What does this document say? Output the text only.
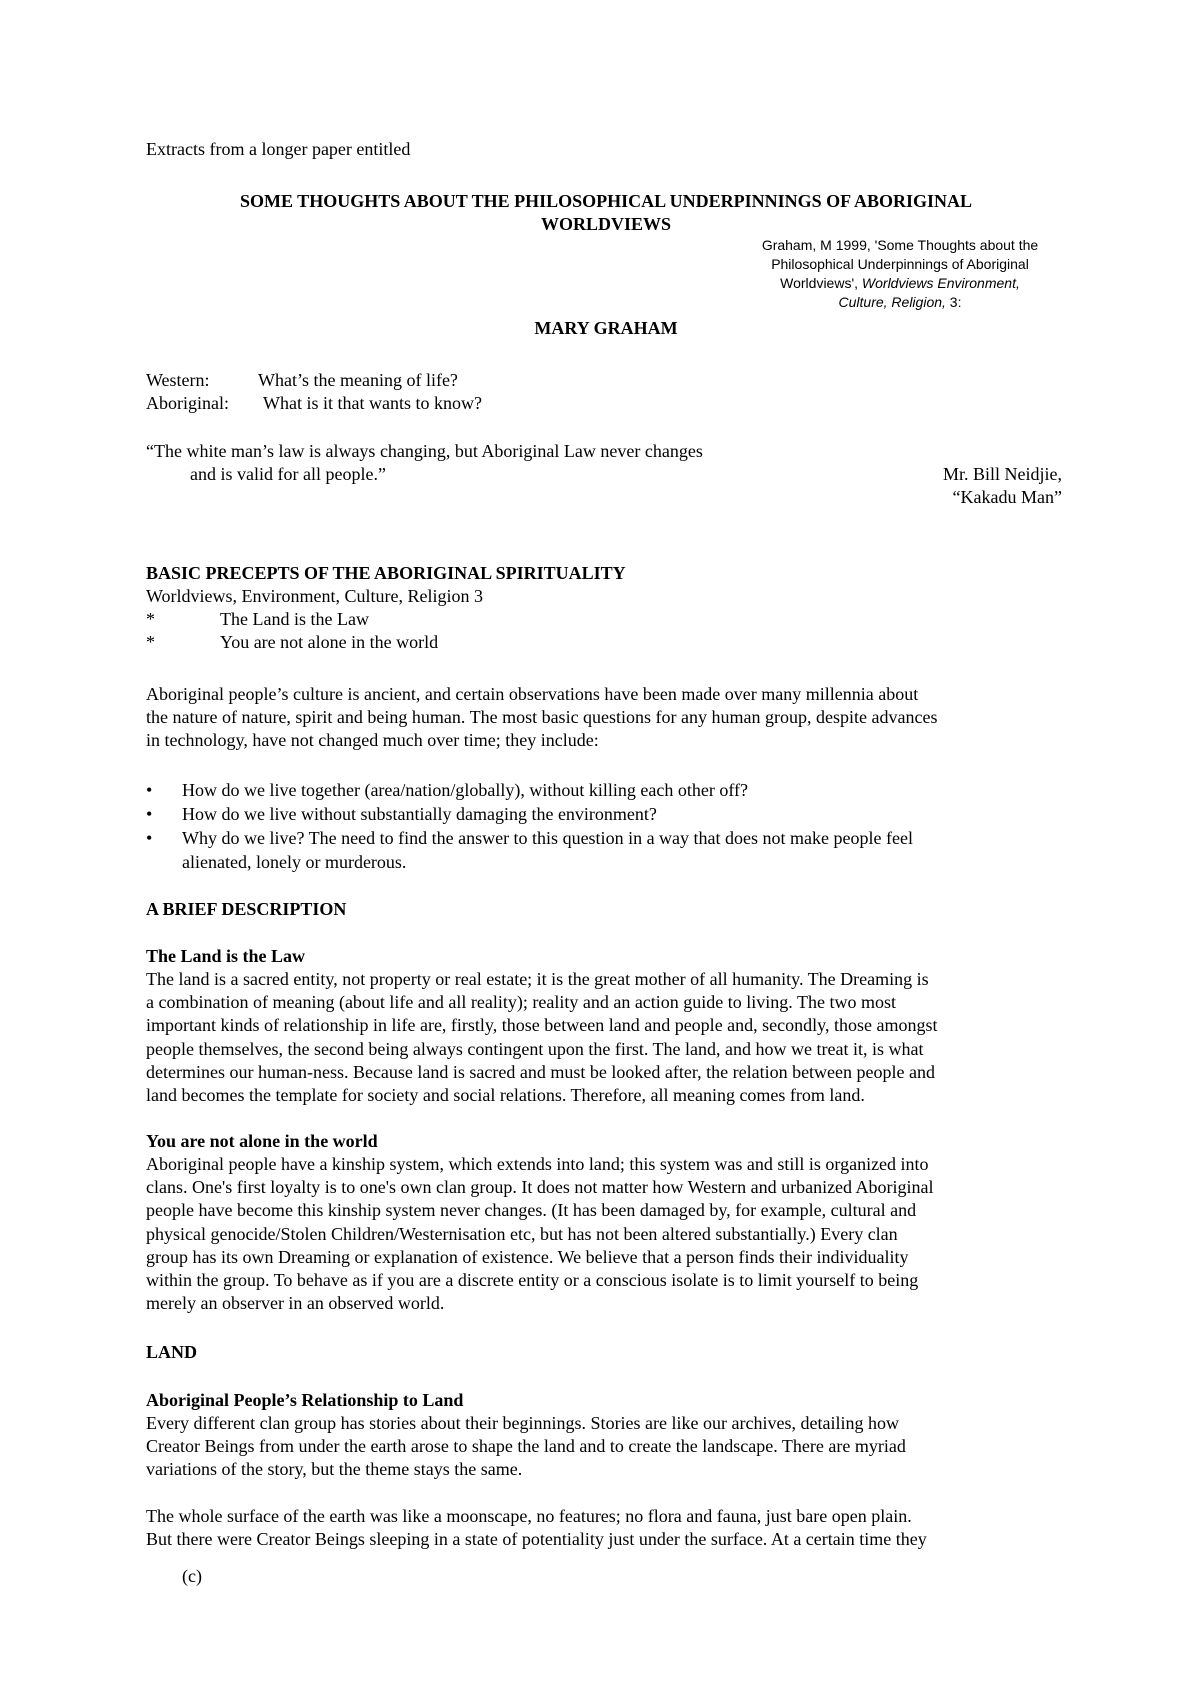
Extracts from a longer paper entitled
SOME THOUGHTS ABOUT THE PHILOSOPHICAL UNDERPINNINGS OF ABORIGINAL
WORLDVIEWS
Graham, M 1999, 'Some Thoughts about the
Philosophical Underpinnings of Aboriginal
Worldviews', Worldviews Environment,
Culture, Religion, 3:
MARY GRAHAM
Western:	What’s the meaning of life?
Aboriginal: What is it that wants to know?
“The white man’s law is always changing, but Aboriginal Law never changes
and is valid for all people.”	Mr. Bill Neidjie,
“Kakadu Man”
BASIC PRECEPTS OF THE ABORIGINAL SPIRITUALITY
Worldviews, Environment, Culture, Religion 3
*	The Land is the Law
*	You are not alone in the world

Aboriginal people’s culture is ancient, and certain observations have been made over many millennia about

the nature of nature, spirit and being human. The most basic questions for any human group, despite advances

in technology, have not changed much over time; they include:

• How do we live together (area/nation/globally), without killing each other off?
• How do we live without substantially damaging the environment?
• Why do we live? The need to find the answer to this question in a way that does not make people feel
alienated, lonely or murderous.
A BRIEF DESCRIPTION
The Land is the Law

The land is a sacred entity, not property or real estate; it is the great mother of all humanity. The Dreaming is

a combination of meaning (about life and all reality); reality and an action guide to living. The two most

important kinds of relationship in life are, firstly, those between land and people and, secondly, those amongst

people themselves, the second being always contingent upon the first. The land, and how we treat it, is what

determines our human-ness. Because land is sacred and must be looked after, the relation between people and

land becomes the template for society and social relations. Therefore, all meaning comes from land.

You are not alone in the world

Aboriginal people have a kinship system, which extends into land; this system was and still is organized into

clans. One's first loyalty is to one's own clan group. It does not matter how Western and urbanized Aboriginal

people have become this kinship system never changes. (It has been damaged by, for example, cultural and

physical genocide/Stolen Children/Westernisation etc, but has not been altered substantially.) Every clan

group has its own Dreaming or explanation of existence. We believe that a person finds their individuality

within the group. To behave as if you are a discrete entity or a conscious isolate is to limit yourself to being

merely an observer in an observed world.

LAND
Aboriginal People’s Relationship to Land

Every different clan group has stories about their beginnings. Stories are like our archives, detailing how

Creator Beings from under the earth arose to shape the land and to create the landscape. There are myriad

variations of the story, but the theme stays the same.

The whole surface of the earth was like a moonscape, no features; no flora and fauna, just bare open plain.

But there were Creator Beings sleeping in a state of potentiality just under the surface. At a certain time they

(c)
